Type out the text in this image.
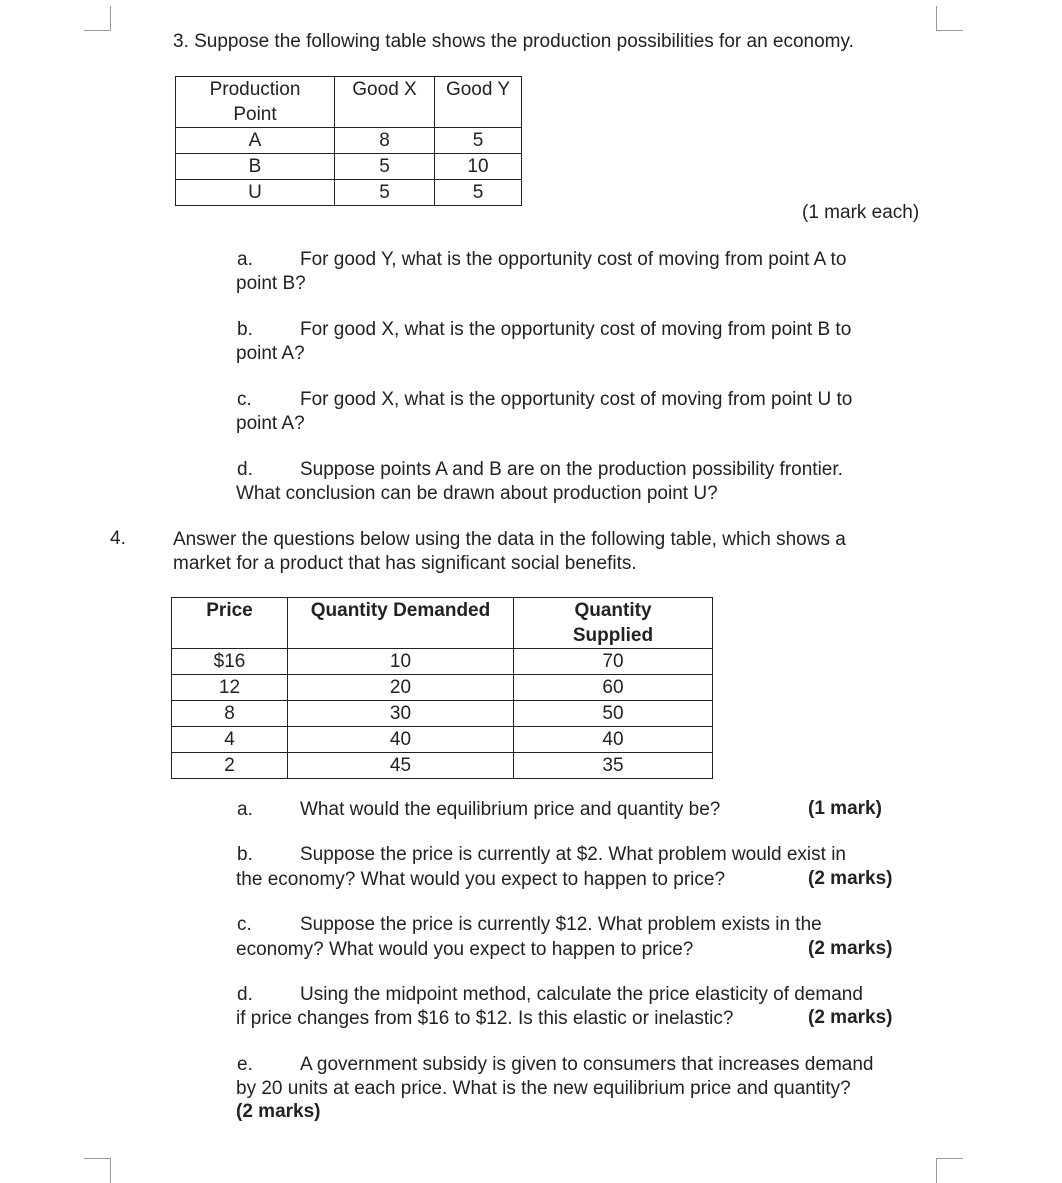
3. Suppose the following table shows the production possibilities for an economy.
Production Point	Good X	Good Y
A	8	5
B	5	10
U	5	5
(1 mark each)
a. For good Y, what is the opportunity cost of moving from point A to
point B?
b. For good X, what is the opportunity cost of moving from point B to
point A?
c.	For good X, what is the opportunity cost of moving from point U to
point A?
d. Suppose points A and B are on the production possibility frontier.
What conclusion can be drawn about production point U?
4. Answer the questions below using the data in the following table, which shows a
market for a product that has significant social benefits.
Price	Quantity Demanded	Quantity Supplied

$16	10	70
12	20	60
8	30	50
4	40	40
2	45	35
a. What would the equilibrium price and quantity be?	(1 mark)
b. Suppose the price is currently at $2. What problem would exist in
the economy? What would you expect to happen to price?	(2 marks)
c.	Suppose the price is currently $12. What problem exists in the
economy? What would you expect to happen to price?	(2 marks)
d. Using the midpoint method, calculate the price elasticity of demand
if price changes from $16 to $12. Is this elastic or inelastic?	(2 marks)
e. A government subsidy is given to consumers that increases demand
by 20 units at each price. What is the new equilibrium price and quantity?
(2 marks)
